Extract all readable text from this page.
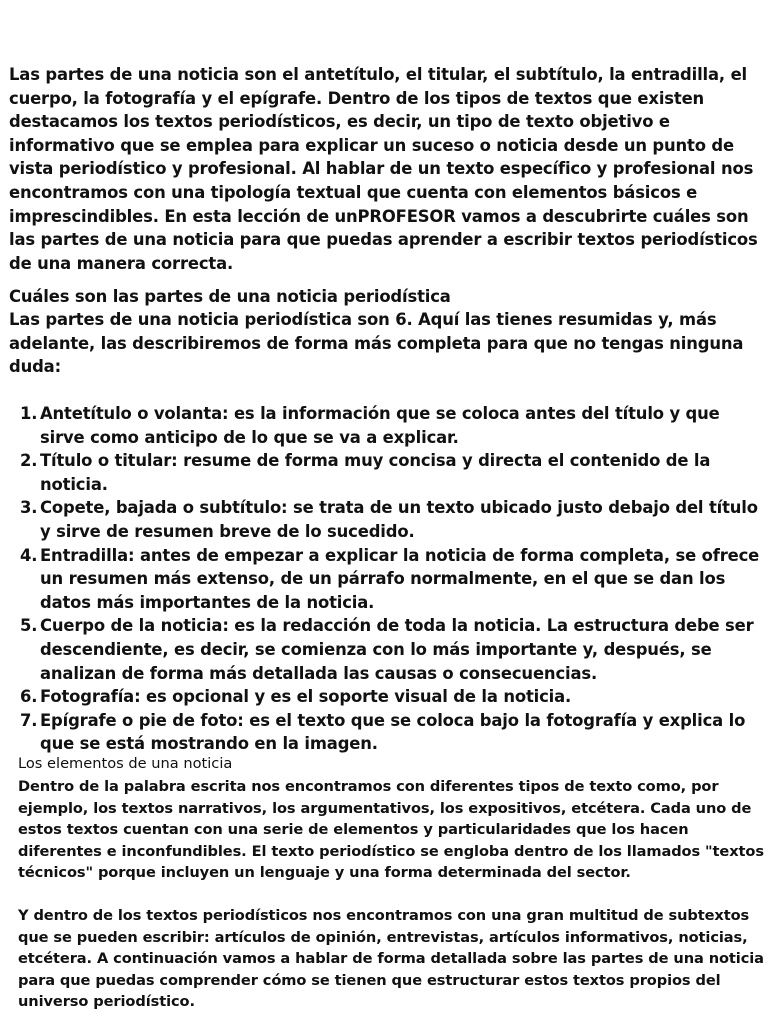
Las partes de una noticia son el antetítulo, el titular, el subtítulo, la entradilla, el cuerpo, la fotografía y el epígrafe. Dentro de los tipos de textos que existen destacamos los textos periodísticos, es decir, un tipo de texto objetivo e informativo que se emplea para explicar un suceso o noticia desde un punto de vista periodístico y profesional. Al hablar de un texto específico y profesional nos encontramos con una tipología textual que cuenta con elementos básicos e imprescindibles. En esta lección de unPROFESOR vamos a descubrirte cuáles son las partes de una noticia para que puedas aprender a escribir textos periodísticos de una manera correcta.

Cuáles son las partes de una noticia periodística

Las partes de una noticia periodística son 6. Aquí las tienes resumidas y, más adelante, las describiremos de forma más completa para que no tengas ninguna duda:

1. Antetítulo o volanta: es la información que se coloca antes del título y que sirve como anticipo de lo que se va a explicar.
2. Título o titular: resume de forma muy concisa y directa el contenido de la noticia.
3. Copete, bajada o subtítulo: se trata de un texto ubicado justo debajo del título y sirve de resumen breve de lo sucedido.
4. Entradilla: antes de empezar a explicar la noticia de forma completa, se ofrece un resumen más extenso, de un párrafo normalmente, en el que se dan los datos más importantes de la noticia.
5. Cuerpo de la noticia: es la redacción de toda la noticia. La estructura debe ser descendiente, es decir, se comienza con lo más importante y, después, se analizan de forma más detallada las causas o consecuencias.
6. Fotografía: es opcional y es el soporte visual de la noticia.
7. Epígrafe o pie de foto: es el texto que se coloca bajo la fotografía y explica lo que se está mostrando en la imagen.

Los elementos de una noticia

Dentro de la palabra escrita nos encontramos con diferentes tipos de texto como, por ejemplo, los textos narrativos, los argumentativos, los expositivos, etcétera. Cada uno de estos textos cuentan con una serie de elementos y particularidades que los hacen diferentes e inconfundibles. El texto periodístico se engloba dentro de los llamados "textos técnicos" porque incluyen un lenguaje y una forma determinada del sector.

Y dentro de los textos periodísticos nos encontramos con una gran multitud de subtextos que se pueden escribir: artículos de opinión, entrevistas, artículos informativos, noticias, etcétera. A continuación vamos a hablar de forma detallada sobre las partes de una noticia para que puedas comprender cómo se tienen que estructurar estos textos propios del universo periodístico.
